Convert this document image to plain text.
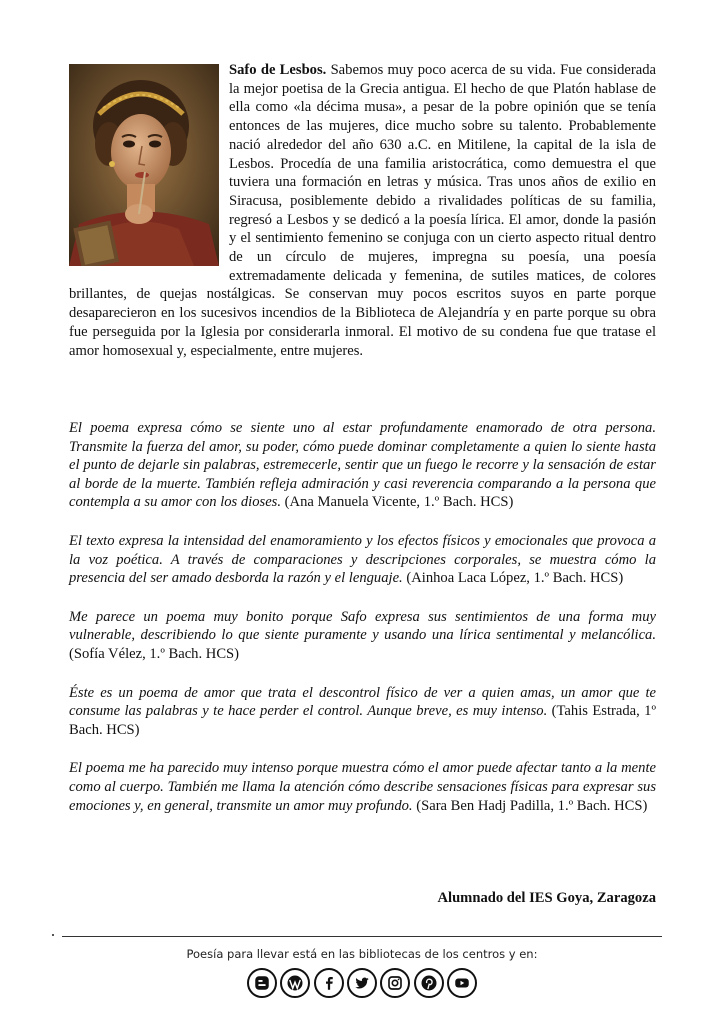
Safo de Lesbos. Sabemos muy poco acerca de su vida. Fue considerada la mejor poetisa de la Grecia antigua. El hecho de que Platón hablase de ella como «la décima musa», a pesar de la pobre opinión que se tenía entonces de las mujeres, dice mucho sobre su talento. Probablemente nació alrededor del año 630 a.C. en Mitilene, la capital de la isla de Lesbos. Procedía de una familia aristocrática, como demuestra el que tuviera una formación en letras y música. Tras unos años de exilio en Siracusa, posiblemente debido a rivalidades políticas de su familia, regresó a Lesbos y se dedicó a la poesía lírica. El amor, donde la pasión y el sentimiento femenino se conjuga con un cierto aspecto ritual dentro de un círculo de mujeres, impregna su poesía, una poesía extremadamente delicada y femenina, de sutiles matices, de colores brillantes, de quejas nostálgicas. Se conservan muy pocos escritos suyos en parte porque desaparecieron en los sucesivos incendios de la Biblioteca de Alejandría y en parte porque su obra fue perseguida por la Iglesia por considerarla inmoral. El motivo de su condena fue que tratase el amor homosexual y, especialmente, entre mujeres.

El poema expresa cómo se siente uno al estar profundamente enamorado de otra persona. Transmite la fuerza del amor, su poder, cómo puede dominar completamente a quien lo siente hasta el punto de dejarle sin palabras, estremecerle, sentir que un fuego le recorre y la sensación de estar al borde de la muerte. También refleja admiración y casi reverencia comparando a la persona que contempla a su amor con los dioses. (Ana Manuela Vicente, 1.º Bach. HCS)

El texto expresa la intensidad del enamoramiento y los efectos físicos y emocionales que provoca a la voz poética. A través de comparaciones y descripciones corporales, se muestra cómo la presencia del ser amado desborda la razón y el lenguaje. (Ainhoa Laca López, 1.º Bach. HCS)

Me parece un poema muy bonito porque Safo expresa sus sentimientos de una forma muy vulnerable, describiendo lo que siente puramente y usando una lírica sentimental y melancólica. (Sofía Vélez, 1.º Bach. HCS)

Éste es un poema de amor que trata el descontrol físico de ver a quien amas, un amor que te consume las palabras y te hace perder el control. Aunque breve, es muy intenso. (Tahis Estrada, 1º Bach. HCS)

El poema me ha parecido muy intenso porque muestra cómo el amor puede afectar tanto a la mente como al cuerpo. También me llama la atención cómo describe sensaciones físicas para expresar sus emociones y, en general, transmite un amor muy profundo. (Sara Ben Hadj Padilla, 1.º Bach. HCS)

Alumnado del IES Goya, Zaragoza
Poesía para llevar está en las bibliotecas de los centros y en:
